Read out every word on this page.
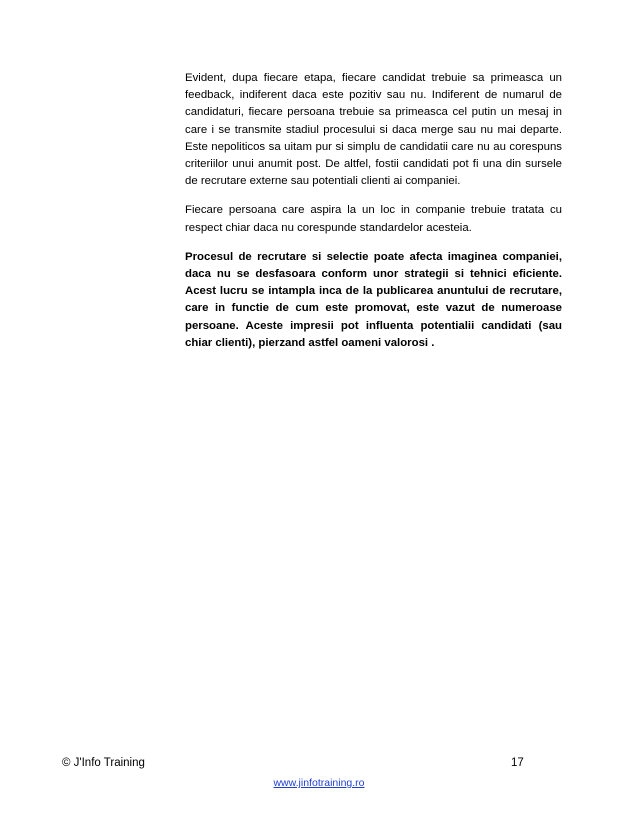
Evident, dupa fiecare etapa, fiecare candidat trebuie sa primeasca un feedback, indiferent daca este pozitiv sau nu. Indiferent de numarul de candidaturi, fiecare persoana trebuie sa primeasca cel putin un mesaj in care i se transmite stadiul procesului si daca merge sau nu mai departe. Este nepoliticos sa uitam pur si simplu de candidatii care nu au corespuns criteriilor unui anumit post. De altfel, fostii candidati pot fi una din sursele de recrutare externe sau potentiali clienti ai companiei.

Fiecare persoana care aspira la un loc in companie trebuie tratata cu respect chiar daca nu corespunde standardelor acesteia.

Procesul de recrutare si selectie poate afecta imaginea companiei, daca nu se desfasoara conform unor strategii si tehnici eficiente. Acest lucru se intampla inca de la publicarea anuntului de recrutare, care in functie de cum este promovat, este vazut de numeroase persoane. Aceste impresii pot influenta potentialii candidati (sau chiar clienti), pierzand astfel oameni valorosi .

© J'Info Training	17
www.jinfotraining.ro
